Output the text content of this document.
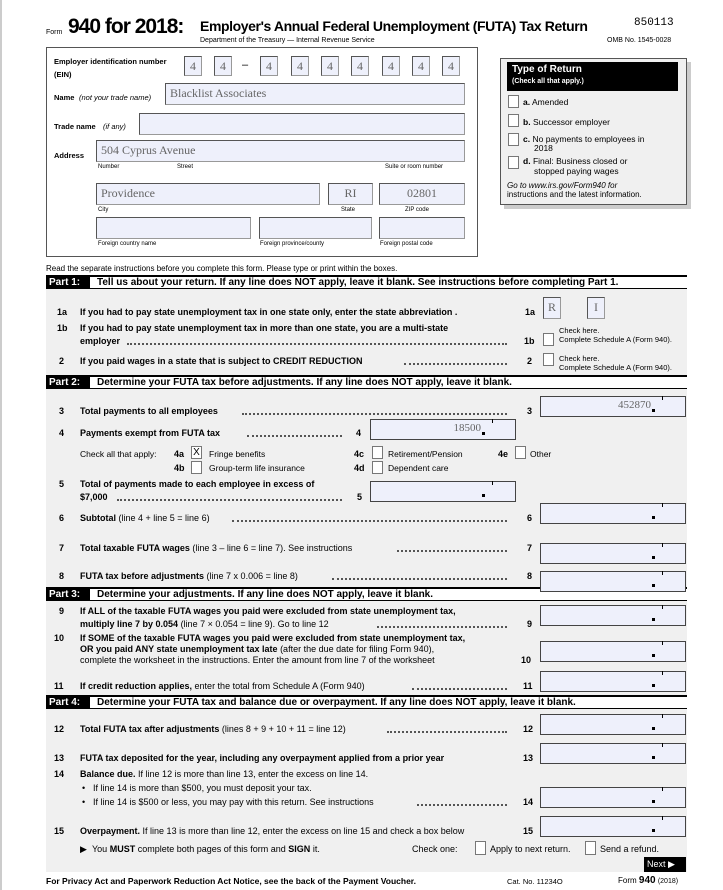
Form 940 for 2018: Employer's Annual Federal Unemployment (FUTA) Tax Return
Department of the Treasury — Internal Revenue Service
850113
OMB No. 1545-0028
Employer identification number
(EIN)
4	4	–	4	4	4	4	4	4	4
Name (not your trade name)	Blacklist Associates
Trade name (if any)
Address	504 Cyprus Avenue
Number	Street	Suite or room number
Providence	RI	02801
City	State	ZIP code
Foreign country name	Foreign province/county	Foreign postal code
Type of Return
(Check all that apply.)
a. Amended
b. Successor employer
c. No payments to employees in
2018
d. Final: Business closed or
stopped paying wages
Go to www.irs.gov/Form940 for
instructions and the latest information.
Read the separate instructions before you complete this form. Please type or print within the boxes.
Part 1:	Tell us about your return. If any line does NOT apply, leave it blank. See instructions before completing Part 1.
Part 2:	Determine your FUTA tax before adjustments. If any line does NOT apply, leave it blank.
Part 3:	Determine your adjustments. If any line does NOT apply, leave it blank.
Part 4:	Determine your FUTA tax and balance due or overpayment. If any line does NOT apply, leave it blank.
1a If you had to pay state unemployment tax in one state only, enter the state abbreviation .	1a	R	I
1b If you had to pay state unemployment tax in more than one state, you are a multi-state
employer	1b
Check here.
Complete Schedule A (Form 940).
2 If you paid wages in a state that is subject to CREDIT REDUCTION	2	Check here.
Complete Schedule A (Form 940).
3 Total payments to all employees	3	452870
4 Payments exempt from FUTA tax	4	18500
Check all that apply: 4a X Fringe benefits
4b	Group-term life insurance
4c	Retirement/Pension
4d	Dependent care
4e	Other
5 Total of payments made to each employee in excess of
$7,000	5
6 Subtotal (line 4 + line 5 = line 6)	6
7 Total taxable FUTA wages (line 3 – line 6 = line 7). See instructions	7
8 FUTA tax before adjustments (line 7 x 0.006 = line 8)	8
9 If ALL of the taxable FUTA wages you paid were excluded from state unemployment tax,
multiply line 7 by 0.054 (line 7 × 0.054 = line 9). Go to line 12	9
10 If SOME of the taxable FUTA wages you paid were excluded from state unemployment tax,
OR you paid ANY state unemployment tax late (after the due date for filing Form 940),
complete the worksheet in the instructions. Enter the amount from line 7 of the worksheet	10
11 If credit reduction applies, enter the total from Schedule A (Form 940)	11
12 Total FUTA tax after adjustments (lines 8 + 9 + 10 + 11 = line 12)	12
13 FUTA tax deposited for the year, including any overpayment applied from a prior year	13
14 Balance due. If line 12 is more than line 13, enter the excess on line 14.
• If line 14 is more than $500, you must deposit your tax.
• If line 14 is $500 or less, you may pay with this return. See instructions	14
15 Overpayment. If line 13 is more than line 12, enter the excess on line 15 and check a box below	15
▶ You MUST complete both pages of this form and SIGN it.	Check one:	Apply to next return.	Send a refund.
Next ▶
For Privacy Act and Paperwork Reduction Act Notice, see the back of the Payment Voucher.	Cat. No. 11234O	Form 940 (2018)
